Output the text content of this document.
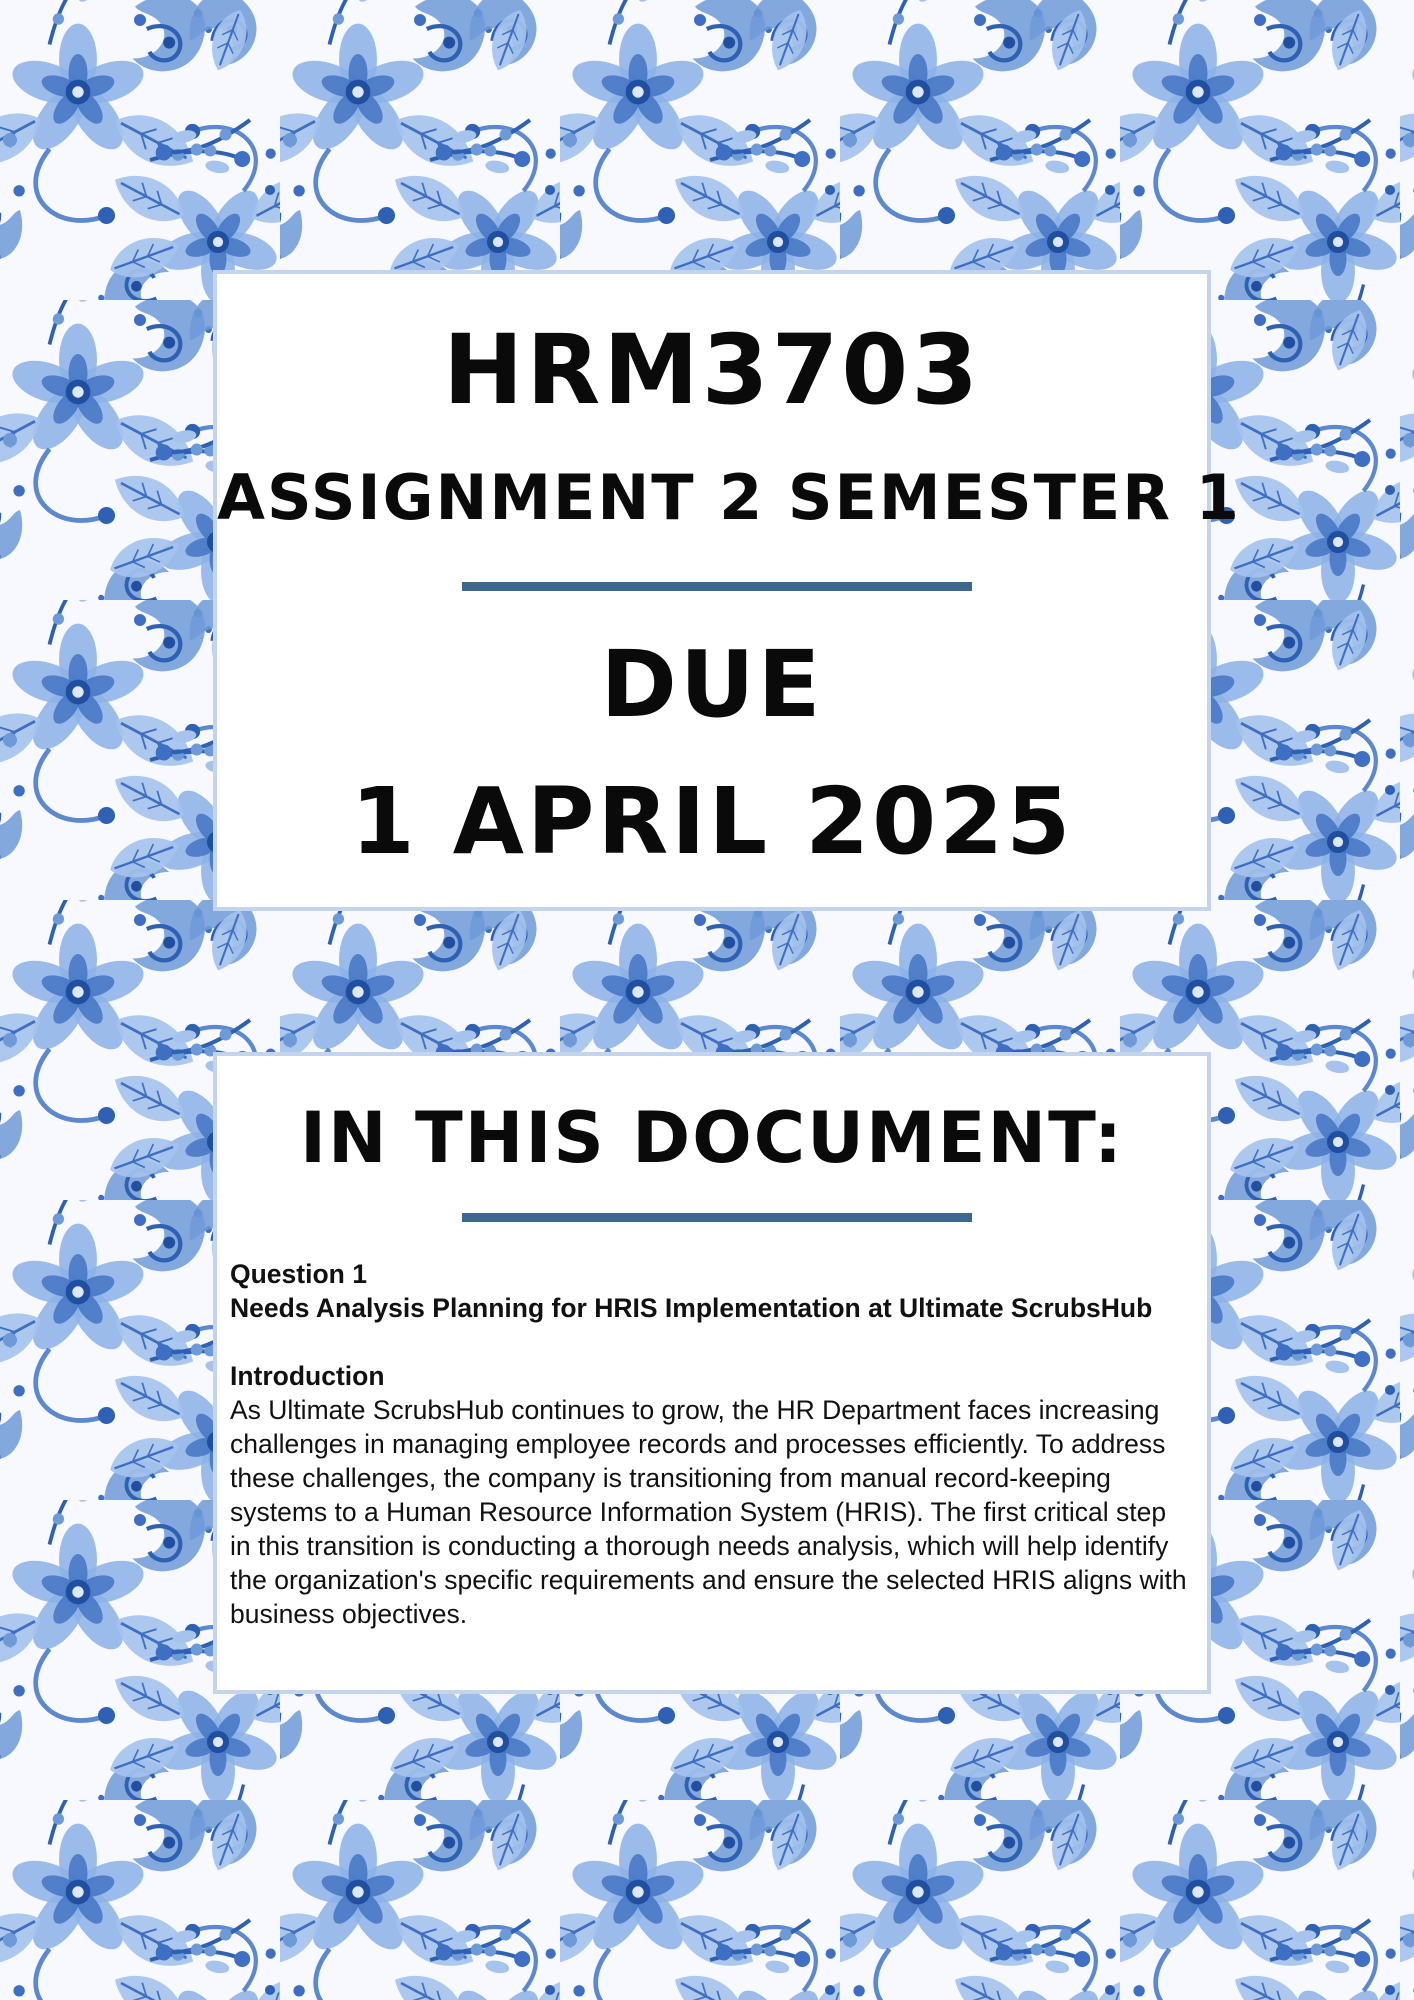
HRM3703
ASSIGNMENT 2 SEMESTER 1
DUE
1 APRIL 2025
IN THIS DOCUMENT:

Question 1

Needs Analysis Planning for HRIS Implementation at Ultimate ScrubsHub

Introduction

As Ultimate ScrubsHub continues to grow, the HR Department faces increasing challenges in managing employee records and processes efficiently. To address these challenges, the company is transitioning from manual record-keeping systems to a Human Resource Information System (HRIS). The first critical step in this transition is conducting a thorough needs analysis, which will help identify the organization's specific requirements and ensure the selected HRIS aligns with business objectives.
